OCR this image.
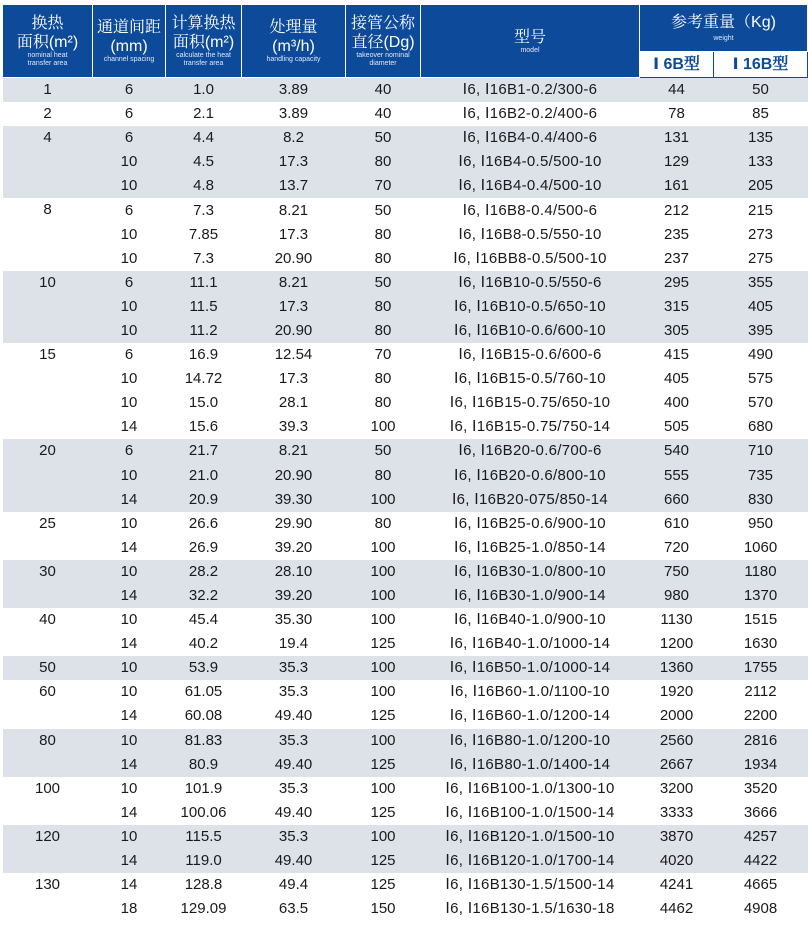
换热
面积(m²)
nominal heat
transfer area	通道间距
(mm)
channel spacing	计算换热
面积(m²)
calculate the heat
transfer area	处理量
(m³/h)
handling capacity	接管公称
直径(Dg)
takeover nominal
diameter	型号
model	参考重量（Kg)
weight	

						Ⅰ 6B型	Ⅰ 16B型

1	6	1.0	3.89	40	Ⅰ6, Ⅰ16B1-0.2/300-6	44	50
2	6	2.1	3.89	40	Ⅰ6, Ⅰ16B2-0.2/400-6	78	85
4	6	4.4	8.2	50	Ⅰ6, Ⅰ16B4-0.4/400-6	131	135
	10	4.5	17.3	80	Ⅰ6, Ⅰ16B4-0.5/500-10	129	133
	10	4.8	13.7	70	Ⅰ6, Ⅰ16B4-0.4/500-10	161	205
8	6	7.3	8.21	50	Ⅰ6, Ⅰ16B8-0.4/500-6	212	215
	10	7.85	17.3	80	Ⅰ6, Ⅰ16B8-0.5/550-10	235	273
	10	7.3	20.90	80	Ⅰ6, Ⅰ16BB8-0.5/500-10	237	275
10	6	11.1	8.21	50	Ⅰ6, Ⅰ16B10-0.5/550-6	295	355
	10	11.5	17.3	80	Ⅰ6, Ⅰ16B10-0.5/650-10	315	405
	10	11.2	20.90	80	Ⅰ6, Ⅰ16B10-0.6/600-10	305	395
15	6	16.9	12.54	70	Ⅰ6, Ⅰ16B15-0.6/600-6	415	490
	10	14.72	17.3	80	Ⅰ6, Ⅰ16B15-0.5/760-10	405	575
	10	15.0	28.1	80	Ⅰ6, Ⅰ16B15-0.75/650-10	400	570
	14	15.6	39.3	100	Ⅰ6, Ⅰ16B15-0.75/750-14	505	680
20	6	21.7	8.21	50	Ⅰ6, Ⅰ16B20-0.6/700-6	540	710
	10	21.0	20.90	80	Ⅰ6, Ⅰ16B20-0.6/800-10	555	735
	14	20.9	39.30	100	Ⅰ6, Ⅰ16B20-075/850-14	660	830
25	10	26.6	29.90	80	Ⅰ6, Ⅰ16B25-0.6/900-10	610	950
	14	26.9	39.20	100	Ⅰ6, Ⅰ16B25-1.0/850-14	720	1060
30	10	28.2	28.10	100	Ⅰ6, Ⅰ16B30-1.0/800-10	750	1180
	14	32.2	39.20	100	Ⅰ6, Ⅰ16B30-1.0/900-14	980	1370
40	10	45.4	35.30	100	Ⅰ6, Ⅰ16B40-1.0/900-10	1130	1515
	14	40.2	19.4	125	Ⅰ6, Ⅰ16B40-1.0/1000-14	1200	1630
50	10	53.9	35.3	100	Ⅰ6, Ⅰ16B50-1.0/1000-14	1360	1755
60	10	61.05	35.3	100	Ⅰ6, Ⅰ16B60-1.0/1100-10	1920	2112
	14	60.08	49.40	125	Ⅰ6, Ⅰ16B60-1.0/1200-14	2000	2200
80	10	81.83	35.3	100	Ⅰ6, Ⅰ16B80-1.0/1200-10	2560	2816
	14	80.9	49.40	125	Ⅰ6, Ⅰ16B80-1.0/1400-14	2667	1934
100	10	101.9	35.3	100	Ⅰ6, Ⅰ16B100-1.0/1300-10	3200	3520
	14	100.06	49.40	125	Ⅰ6, Ⅰ16B100-1.0/1500-14	3333	3666
120	10	115.5	35.3	100	Ⅰ6, Ⅰ16B120-1.0/1500-10	3870	4257
	14	119.0	49.40	125	Ⅰ6, Ⅰ16B120-1.0/1700-14	4020	4422
130	14	128.8	49.4	125	Ⅰ6, Ⅰ16B130-1.5/1500-14	4241	4665
	18	129.09	63.5	150	Ⅰ6, Ⅰ16B130-1.5/1630-18	4462	4908
